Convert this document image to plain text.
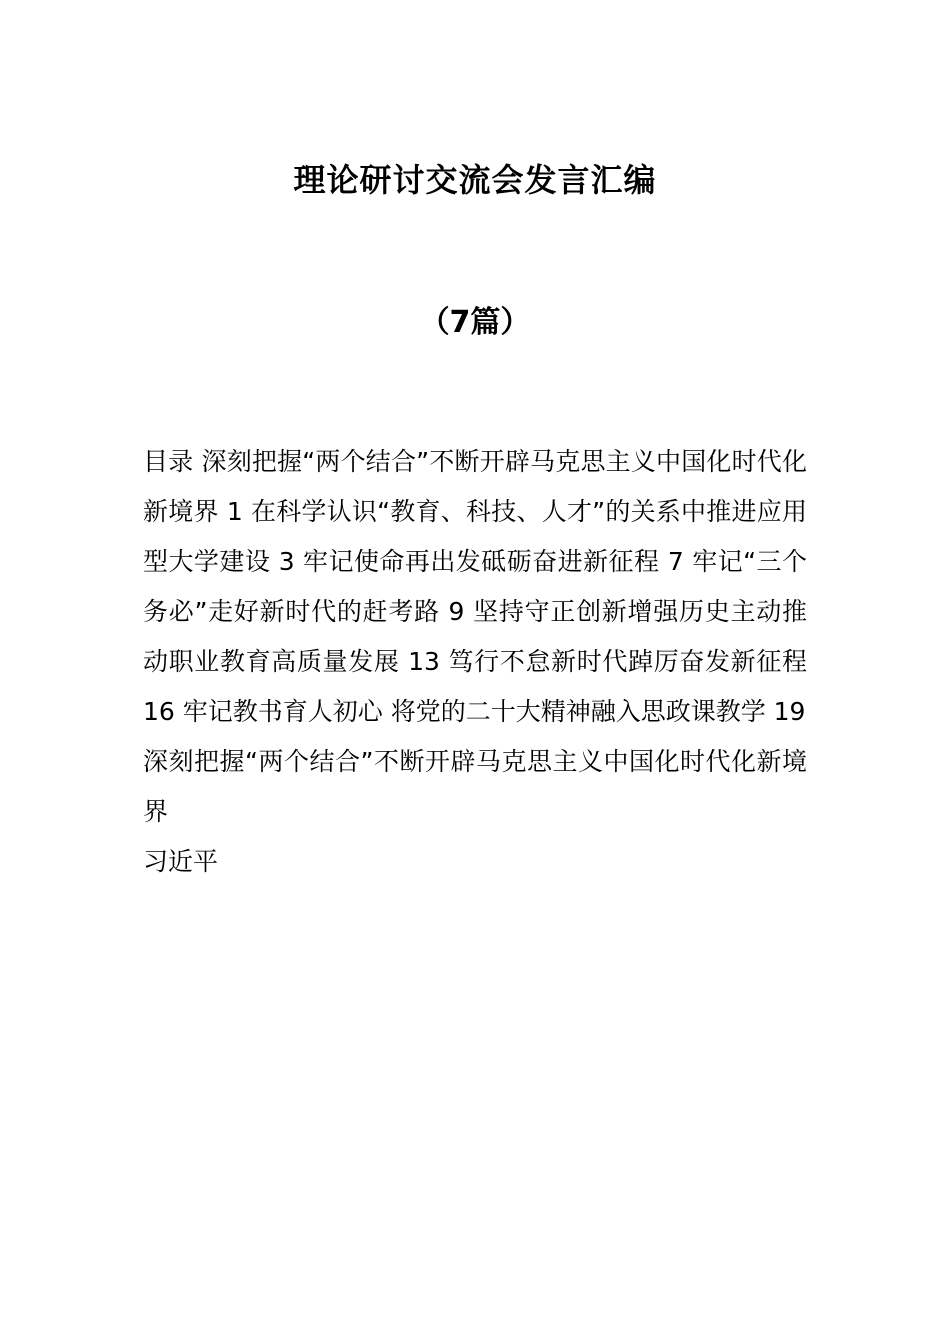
理论研讨交流会发言汇编
（7篇）

目录 深刻把握“两个结合”不断开辟马克思主义中国化时代化新境界 1 在科学认识“教育、科技、人才”的关系中推进应用型大学建设 3 牢记使命再出发砥砺奋进新征程 7 牢记“三个务必”走好新时代的赶考路 9 坚持守正创新增强历史主动推动职业教育高质量发展 13 笃行不怠新时代踔厉奋发新征程 16 牢记教书育人初心 将党的二十大精神融入思政课教学 19

深刻把握“两个结合”不断开辟马克思主义中国化时代化新境界

习近平
